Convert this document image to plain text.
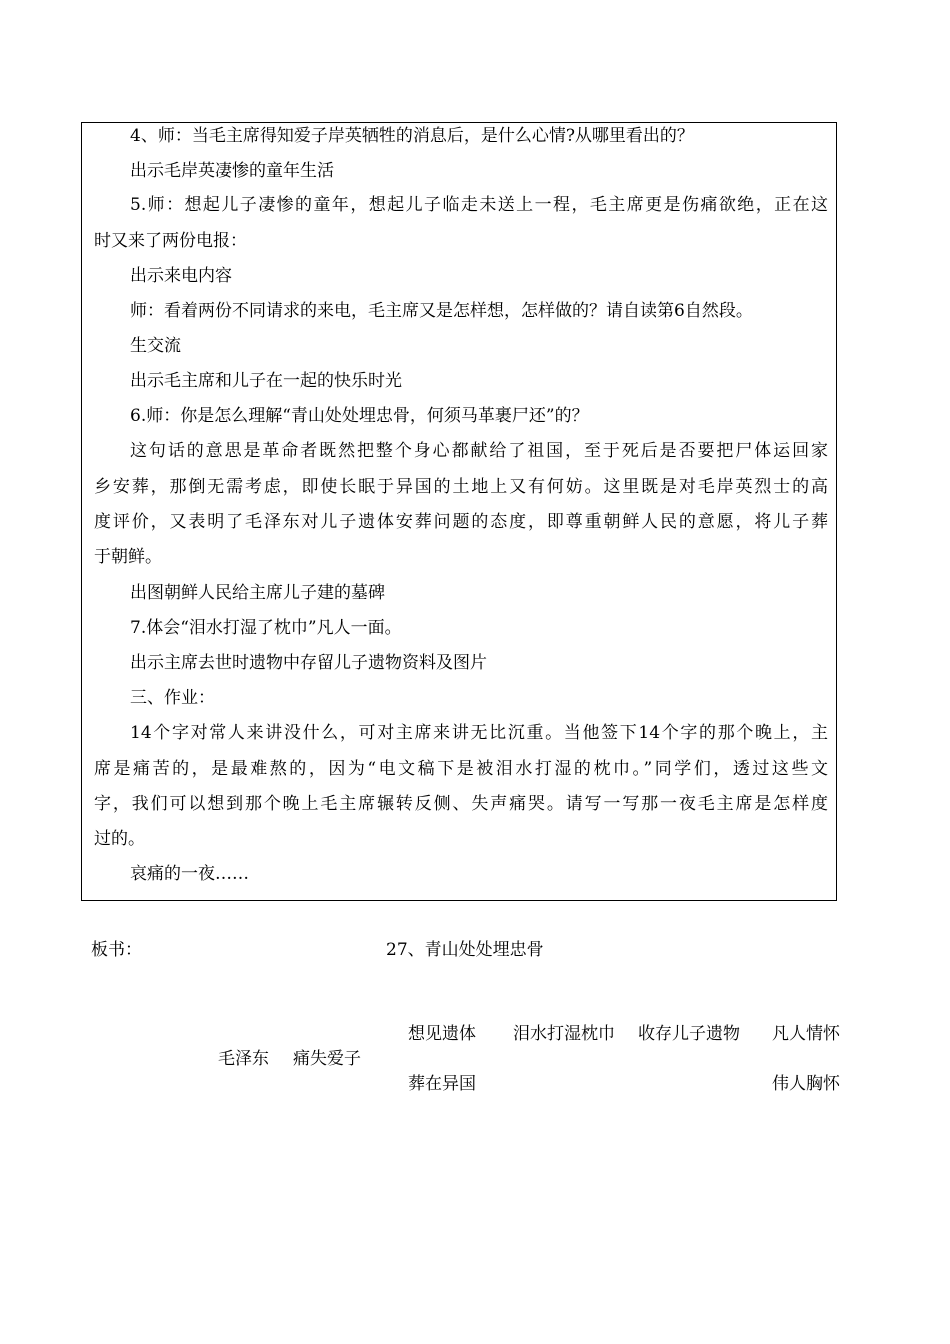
4、师：当毛主席得知爱子岸英牺牲的消息后，是什么心情?从哪里看出的？
出示毛岸英凄惨的童年生活
5.师：想起儿子凄惨的童年，想起儿子临走未送上一程，毛主席更是伤痛欲绝，正在这
时又来了两份电报：
出示来电内容
师：看着两份不同请求的来电，毛主席又是怎样想，怎样做的？请自读第6自然段。
生交流
出示毛主席和儿子在一起的快乐时光
6.师：你是怎么理解“青山处处埋忠骨，何须马革裹尸还”的？
这句话的意思是革命者既然把整个身心都献给了祖国，至于死后是否要把尸体运回家
乡安葬，那倒无需考虑，即使长眠于异国的土地上又有何妨。这里既是对毛岸英烈士的高
度评价，又表明了毛泽东对儿子遗体安葬问题的态度，即尊重朝鲜人民的意愿，将儿子葬
于朝鲜。
出图朝鲜人民给主席儿子建的墓碑
7.体会“泪水打湿了枕巾”凡人一面。
出示主席去世时遗物中存留儿子遗物资料及图片
三、作业：
14个字对常人来讲没什么，可对主席来讲无比沉重。当他签下14个字的那个晚上，主
席是痛苦的，是最难熬的，因为“电文稿下是被泪水打湿的枕巾。”同学们，透过这些文
字，我们可以想到那个晚上毛主席辗转反侧、失声痛哭。请写一写那一夜毛主席是怎样度
过的。
哀痛的一夜……
板书：	27、青山处处埋忠骨
毛泽东 痛失爱子
想见遗体 泪水打湿枕巾 收存儿子遗物 凡人情怀
葬在异国	伟人胸怀
